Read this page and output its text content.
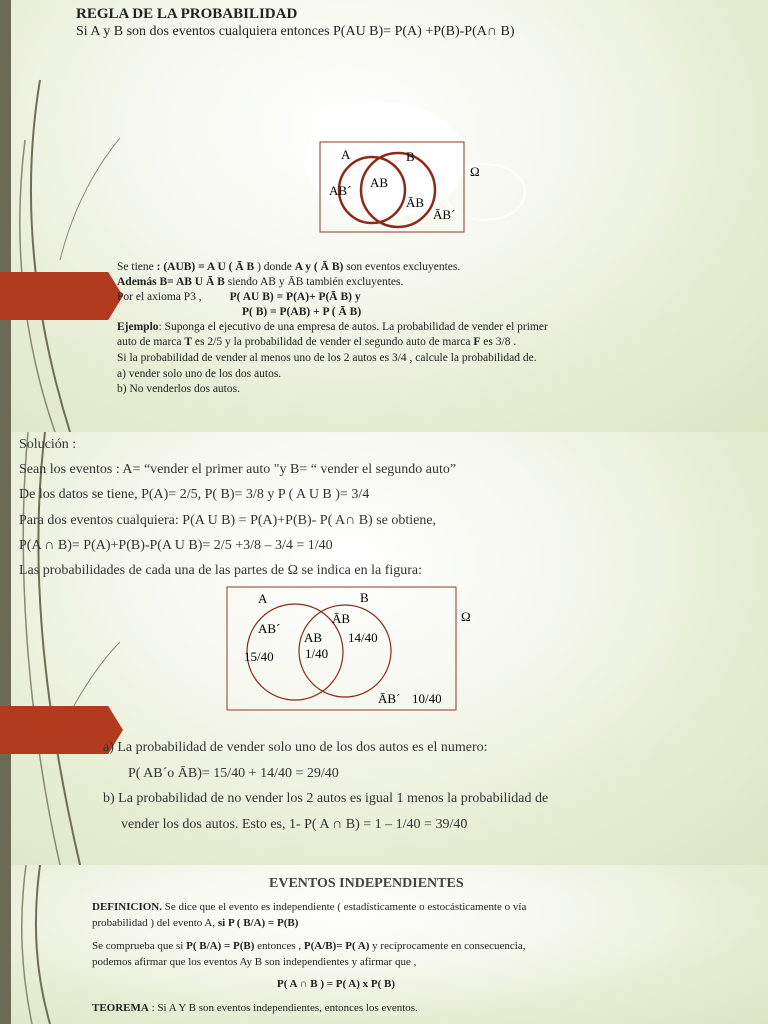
REGLA DE LA PROBABILIDAD
Si A y B son dos eventos cualquiera entonces P(AU B)= P(A) +P(B)-P(A∩ B)
A	B
Ω
AB´
AB
ĀB
ĀB´
Se tiene : (AUB) = A U ( Ā B ) donde A y ( Ā B) son eventos excluyentes.
Además B= AB U Ā B siendo AB y ĀB también excluyentes.
Por el axioma P3 , P( AU B) = P(A)+ P(Ā B) y
P( B) = P(AB) + P ( Ā B)
Ejemplo: Suponga el ejecutivo de una empresa de autos. La probabilidad de vender el primer
auto de marca T es 2/5 y la probabilidad de vender el segundo auto de marca F es 3/8 .
Si la probabilidad de vender al menos uno de los 2 autos es 3/4 , calcule la probabilidad de.
a) vender solo uno de los dos autos.
b) No venderlos dos autos.
Solución :
Sean los eventos : A= “vender el primer auto "y B= “ vender el segundo auto”
De los datos se tiene, P(A)= 2/5, P( B)= 3/8 y P ( A U B )= 3/4
Para dos eventos cualquiera: P(A U B) = P(A)+P(B)- P( A∩ B) se obtiene,
P(A ∩ B)= P(A)+P(B)-P(A U B)= 2/5 +3/8 – 3/4 = 1/40
Las probabilidades de cada una de las partes de Ω se indica en la figura:
A	B
Ω
AB´
15/40
ĀB
14/40
AB
1/40
ĀB´ 10/40
a) La probabilidad de vender solo uno de los dos autos es el numero:
P( AB´o ĀB)= 15/40 + 14/40 = 29/40
b) La probabilidad de no vender los 2 autos es igual 1 menos la probabilidad de
vender los dos autos. Esto es, 1- P( A ∩ B) = 1 – 1/40 = 39/40
EVENTOS INDEPENDIENTES
DEFINICION. Se dice que el evento es independiente ( estadísticamente o estocásticamente o vía
probabilidad ) del evento A, si P ( B/A) = P(B)
Se comprueba que si P( B/A) = P(B) entonces , P(A/B)= P( A) y recíprocamente en consecuencia,
podemos afirmar que los eventos Ay B son independientes y afirmar que ,
P( A ∩ B ) = P( A) x P( B)
TEOREMA : Si A Y B son eventos independientes, entonces los eventos.
